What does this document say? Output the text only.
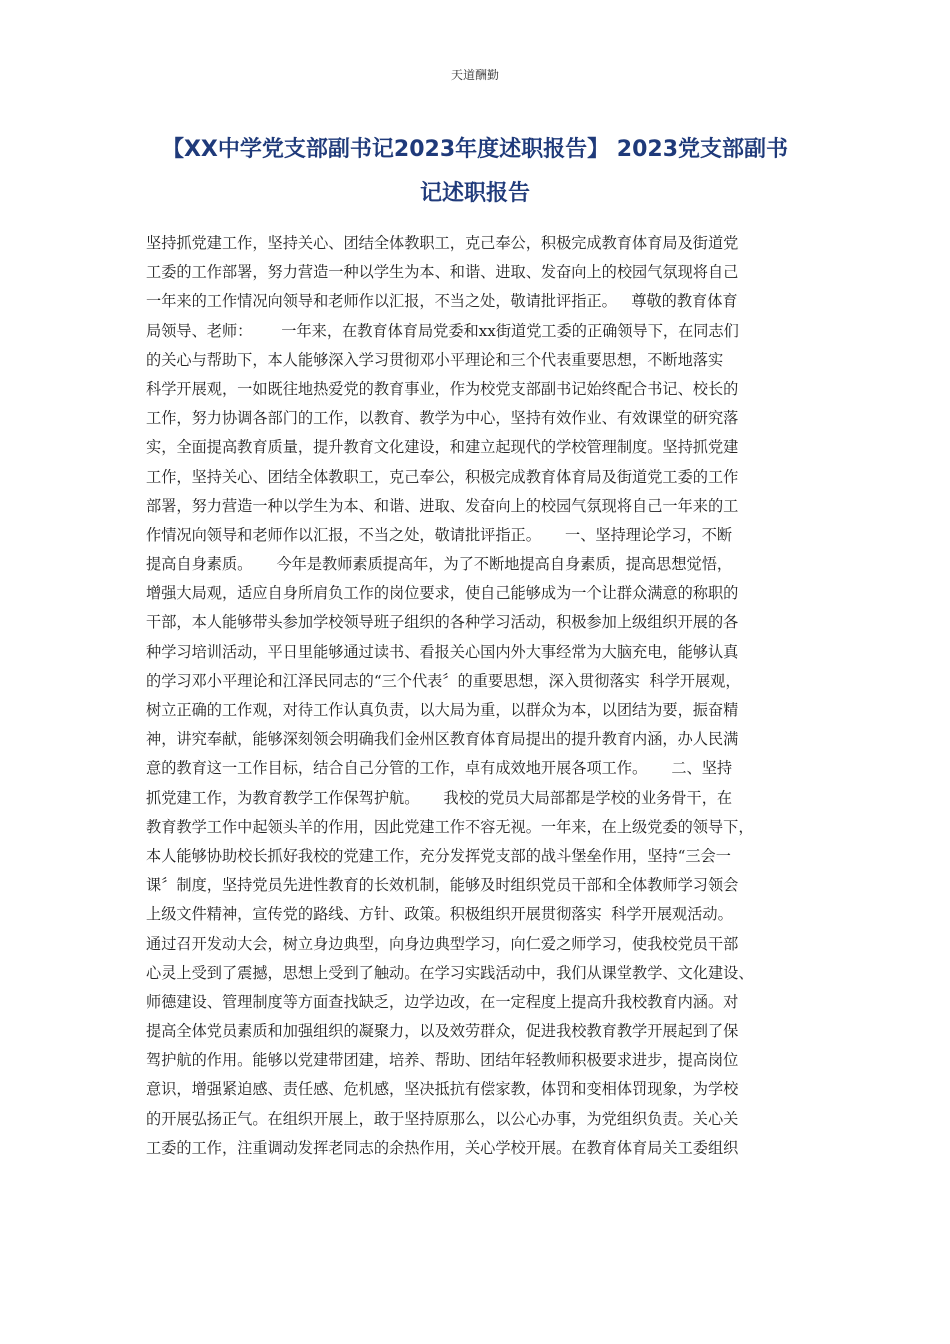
天道酬勤
【XX中学党支部副书记2023年度述职报告】 2023党支部副书
记述职报告
坚持抓党建工作，坚持关心、团结全体教职工，克己奉公，积极完成教育体育局及街道党
工委的工作部署，努力营造一种以学生为本、和谐、进取、发奋向上的校园气氛现将自己
一年来的工作情况向领导和老师作以汇报，不当之处，敬请批评指正。   尊敬的教育体育
局领导、老师：      一年来，在教育体育局党委和xx街道党工委的正确领导下，在同志们
的关心与帮助下，本人能够深入学习贯彻邓小平理论和三个代表重要思想，不断地落实
科学开展观，一如既往地热爱党的教育事业，作为校党支部副书记始终配合书记、校长的
工作，努力协调各部门的工作，以教育、教学为中心，坚持有效作业、有效课堂的研究落
实，全面提高教育质量，提升教育文化建设，和建立起现代的学校管理制度。坚持抓党建
工作，坚持关心、团结全体教职工，克己奉公，积极完成教育体育局及街道党工委的工作
部署，努力营造一种以学生为本、和谐、进取、发奋向上的校园气氛现将自己一年来的工
作情况向领导和老师作以汇报，不当之处，敬请批评指正。     一、坚持理论学习，不断
提高自身素质。     今年是教师素质提高年，为了不断地提高自身素质，提高思想觉悟，
增强大局观，适应自身所肩负工作的岗位要求，使自己能够成为一个让群众满意的称职的
干部，本人能够带头参加学校领导班子组织的各种学习活动，积极参加上级组织开展的各
种学习培训活动，平日里能够通过读书、看报关心国内外大事经常为大脑充电，能够认真
的学习邓小平理论和江泽民同志的“三个代表〞的重要思想，深入贯彻落实  科学开展观，
树立正确的工作观，对待工作认真负责，以大局为重，以群众为本，以团结为要，振奋精
神，讲究奉献，能够深刻领会明确我们金州区教育体育局提出的提升教育内涵，办人民满
意的教育这一工作目标，结合自己分管的工作，卓有成效地开展各项工作。     二、坚持
抓党建工作，为教育教学工作保驾护航。     我校的党员大局部都是学校的业务骨干，在
教育教学工作中起领头羊的作用，因此党建工作不容无视。一年来，在上级党委的领导下，
本人能够协助校长抓好我校的党建工作，充分发挥党支部的战斗堡垒作用，坚持“三会一
课〞制度，坚持党员先进性教育的长效机制，能够及时组织党员干部和全体教师学习领会
上级文件精神，宣传党的路线、方针、政策。积极组织开展贯彻落实  科学开展观活动。
通过召开发动大会，树立身边典型，向身边典型学习，向仁爱之师学习，使我校党员干部
心灵上受到了震撼，思想上受到了触动。在学习实践活动中，我们从课堂教学、文化建设、
师德建设、管理制度等方面查找缺乏，边学边改，在一定程度上提高升我校教育内涵。对
提高全体党员素质和加强组织的凝聚力，以及效劳群众，促进我校教育教学开展起到了保
驾护航的作用。能够以党建带团建，培养、帮助、团结年轻教师积极要求进步，提高岗位
意识，增强紧迫感、责任感、危机感，坚决抵抗有偿家教，体罚和变相体罚现象，为学校
的开展弘扬正气。在组织开展上，敢于坚持原那么，以公心办事，为党组织负责。关心关
工委的工作，注重调动发挥老同志的余热作用，关心学校开展。在教育体育局关工委组织
